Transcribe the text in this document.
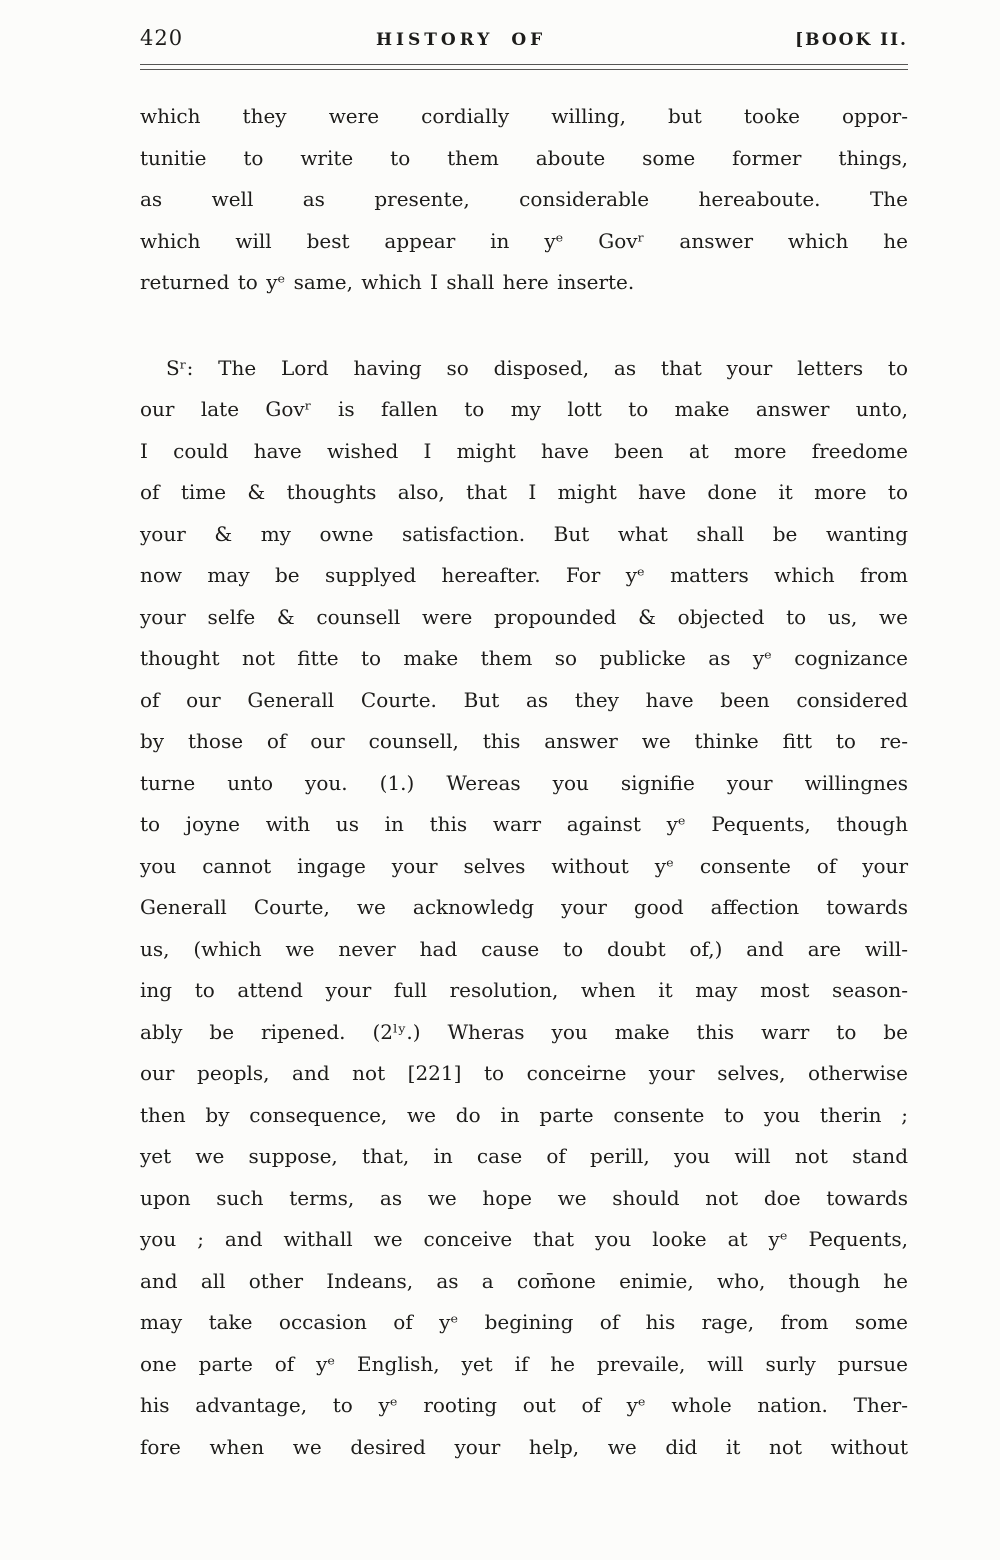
420	HISTORY OF	[BOOK II.
which they were cordially willing, but tooke oppor-
tunitie to write to them aboute some former things,
as well as presente, considerable hereaboute. The
which will best appear in yᵉ Govʳ answer which he
returned to yᵉ same, which I shall here inserte.
Sʳ: The Lord having so disposed, as that your letters to
our late Govʳ is fallen to my lott to make answer unto,
I could have wished I might have been at more freedome
of time & thoughts also, that I might have done it more to
your & my owne satisfaction. But what shall be wanting
now may be supplyed hereafter. For yᵉ matters which from
your selfe & counsell were propounded & objected to us, we
thought not fitte to make them so publicke as yᵉ cognizance
of our Generall Courte. But as they have been considered
by those of our counsell, this answer we thinke fitt to re-
turne unto you. (1.) Wereas you signifie your willingnes
to joyne with us in this warr against yᵉ Pequents, though
you cannot ingage your selves without yᵉ consente of your
Generall Courte, we acknowledg your good affection towards
us, (which we never had cause to doubt of,) and are will-
ing to attend your full resolution, when it may most season-
ably be ripened. (2ˡʸ.) Wheras you make this warr to be
our peopls, and not [221] to conceirne your selves, otherwise
then by consequence, we do in parte consente to you therin ;
yet we suppose, that, in case of perill, you will not stand
upon such terms, as we hope we should not doe towards
you ; and withall we conceive that you looke at yᵉ Pequents,
and all other Indeans, as a com̄one enimie, who, though he
may take occasion of yᵉ begining of his rage, from some
one parte of yᵉ English, yet if he prevaile, will surly pursue
his advantage, to yᵉ rooting out of yᵉ whole nation. Ther-
fore when we desired your help, we did it not without
